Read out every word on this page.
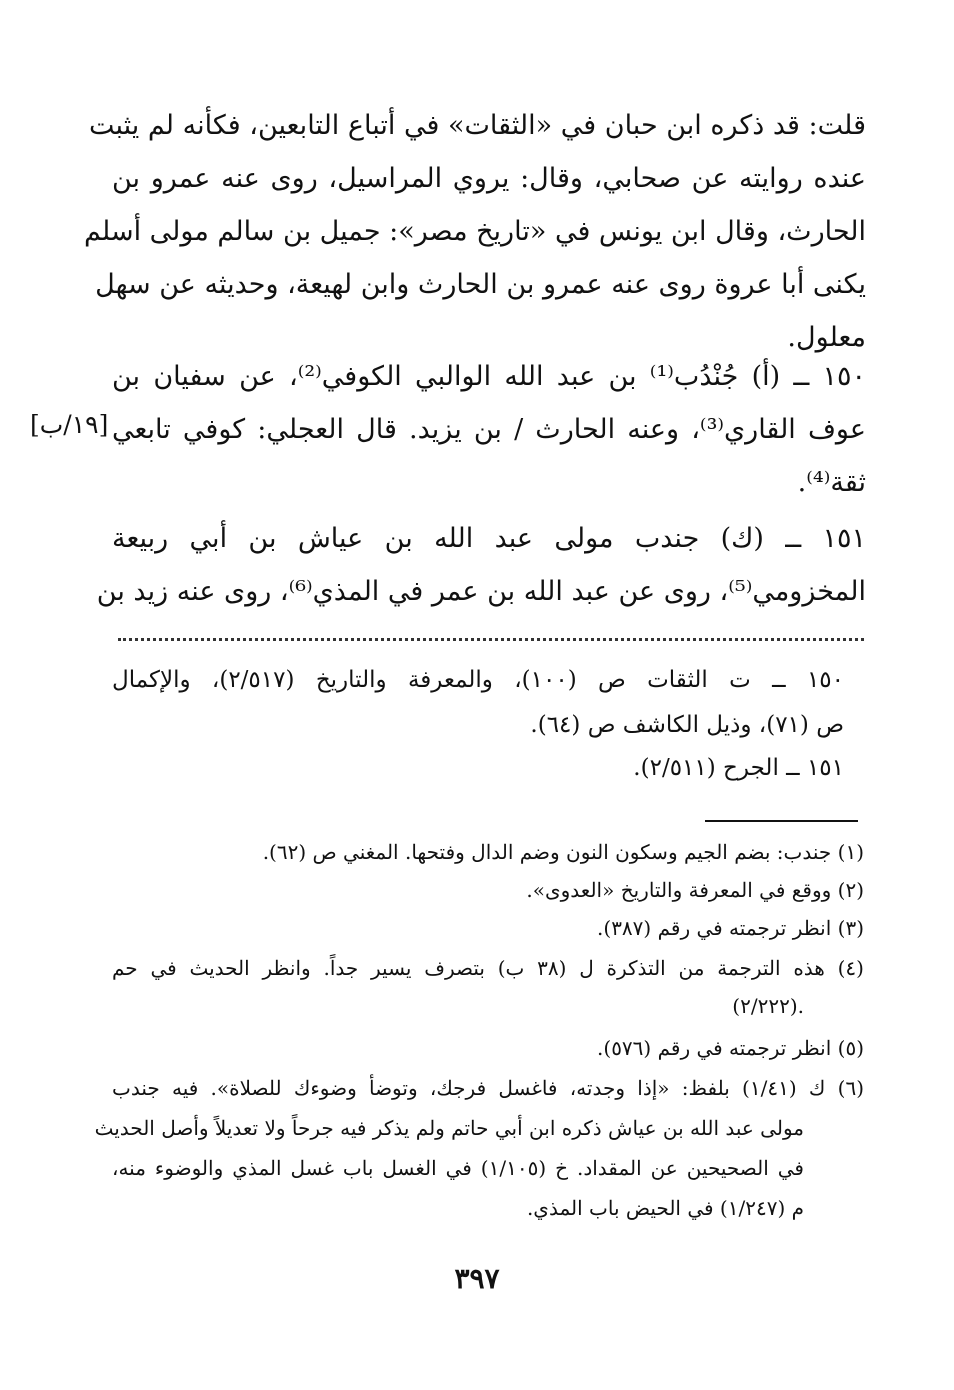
قلت: قد ذكره ابن حبان في «الثقات» في أتباع التابعين، فكأنه لم يثبت
عنده روايته عن صحابي، وقال: يروي المراسيل، روى عنه عمرو بن
الحارث، وقال ابن يونس في «تاريخ مصر»: جميل بن سالم مولى أسلم
يكنى أبا عروة روى عنه عمرو بن الحارث وابن لهيعة، وحديثه عن سهل
معلول.
١٥٠ ــ (أ) جُنْدُب⁽¹⁾ بن عبد الله الوالبي الكوفي⁽²⁾، عن سفيان بن
عوف القاري⁽³⁾، وعنه الحارث / بن يزيد. قال العجلي: كوفي تابعي
ثقة⁽⁴⁾.
١٥١ ــ (ك) جندب مولى عبد الله بن عياش بن أبي ربيعة
المخزومي⁽⁵⁾، روى عن عبد الله بن عمر في المذي⁽⁶⁾، روى عنه زيد بن
[١٩/ب]
١٥٠ ــ ت الثقات ص (١٠٠)، والمعرفة والتاريخ (٢/٥١٧)، والإكمال
ص (٧١)، وذيل الكاشف ص (٦٤).
١٥١ ــ الجرح (٢/٥١١).
(١) جندب: بضم الجيم وسكون النون وضم الدال وفتحها. المغني ص (٦٢).
(٢) ووقع في المعرفة والتاريخ «العدوى».
(٣) انظر ترجمته في رقم (٣٨٧).
(٤) هذه الترجمة من التذكرة ل (٣٨ ب) بتصرف يسير جداً. وانظر الحديث في حم
(٢/٢٢٢).
(٥) انظر ترجمته في رقم (٥٧٦).
(٦) ك (١/٤١) بلفظ: «إذا وجدته، فاغسل فرجك، وتوضأ وضوءك للصلاة». فيه جندب
مولى عبد الله بن عياش ذكره ابن أبي حاتم ولم يذكر فيه جرحاً ولا تعديلاً وأصل الحديث
في الصحيحين عن المقداد. خ (١/١٠٥) في الغسل باب غسل المذي والوضوء منه،
م (١/٢٤٧) في الحيض باب المذي.
٣٩٧
